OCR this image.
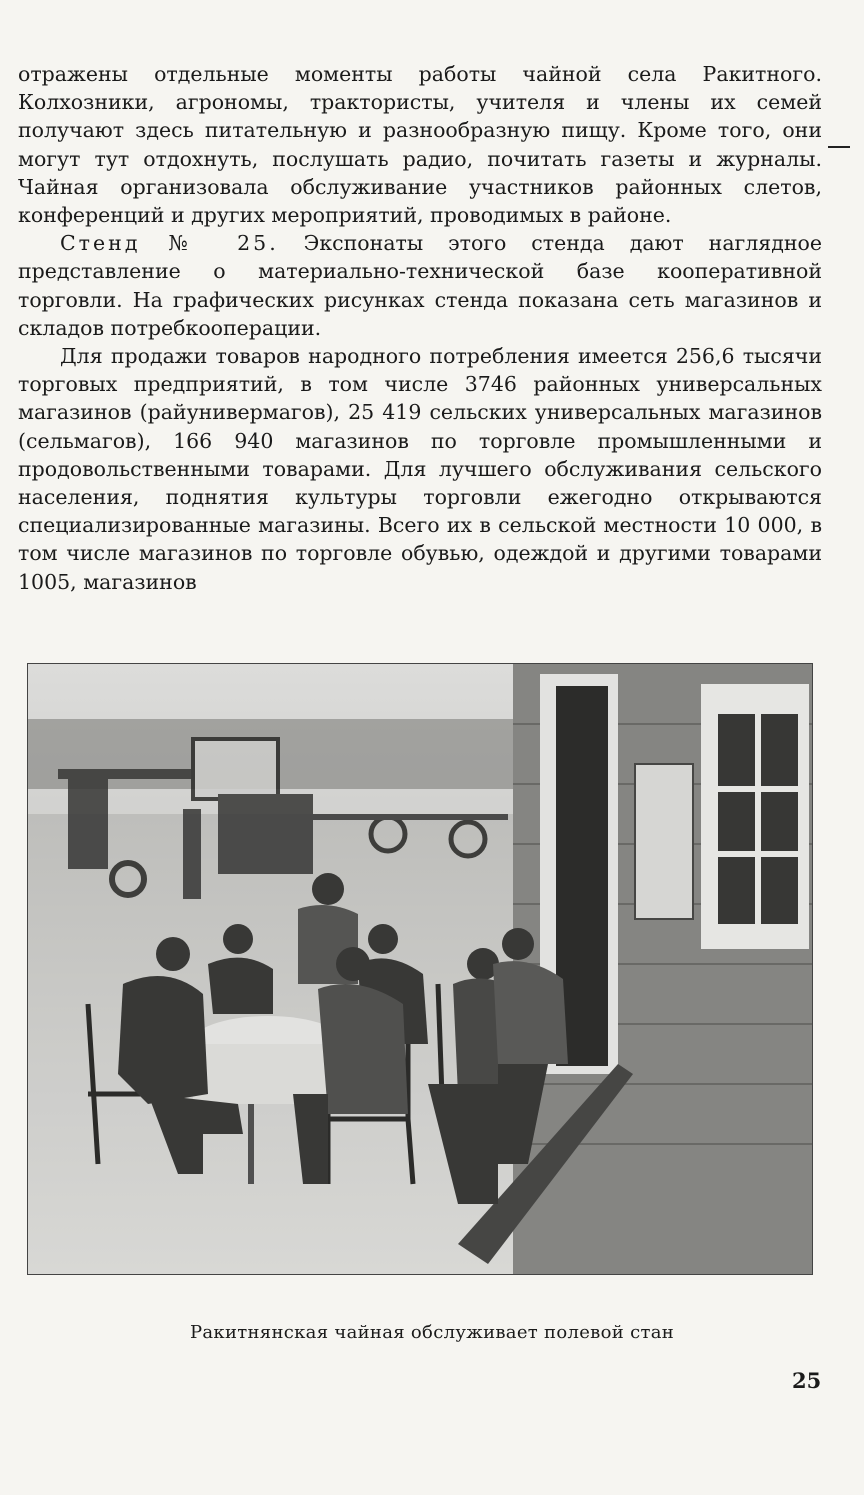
отражены отдельные моменты работы чайной села Ракитного. Колхозники, агрономы, трактористы, учителя и члены их семей получают здесь питательную и разнообразную пищу. Кроме того, они могут тут отдохнуть, послушать радио, почитать газеты и журналы. Чайная организовала обслуживание участников районных слетов, конференций и других мероприятий, проводимых в районе.

Стенд № 25. Экспонаты этого стенда дают наглядное представление о материально-технической базе кооперативной торговли. На графических рисунках стенда показана сеть магазинов и складов потребкооперации.

Для продажи товаров народного потребления имеется 256,6 тысячи торговых предприятий, в том числе 3746 районных универсальных магазинов (райунивермагов), 25 419 сельских универсальных магазинов (сельмагов), 166 940 магазинов по торговле промышленными и продовольственными товарами. Для лучшего обслуживания сельского населения, поднятия культуры торговли ежегодно открываются специализированные магазины. Всего их в сельской местности 10 000, в том числе магазинов по торговле обувью, одеждой и другими товарами 1005, магазинов

Ракитнянская чайная обслуживает полевой стан
25
